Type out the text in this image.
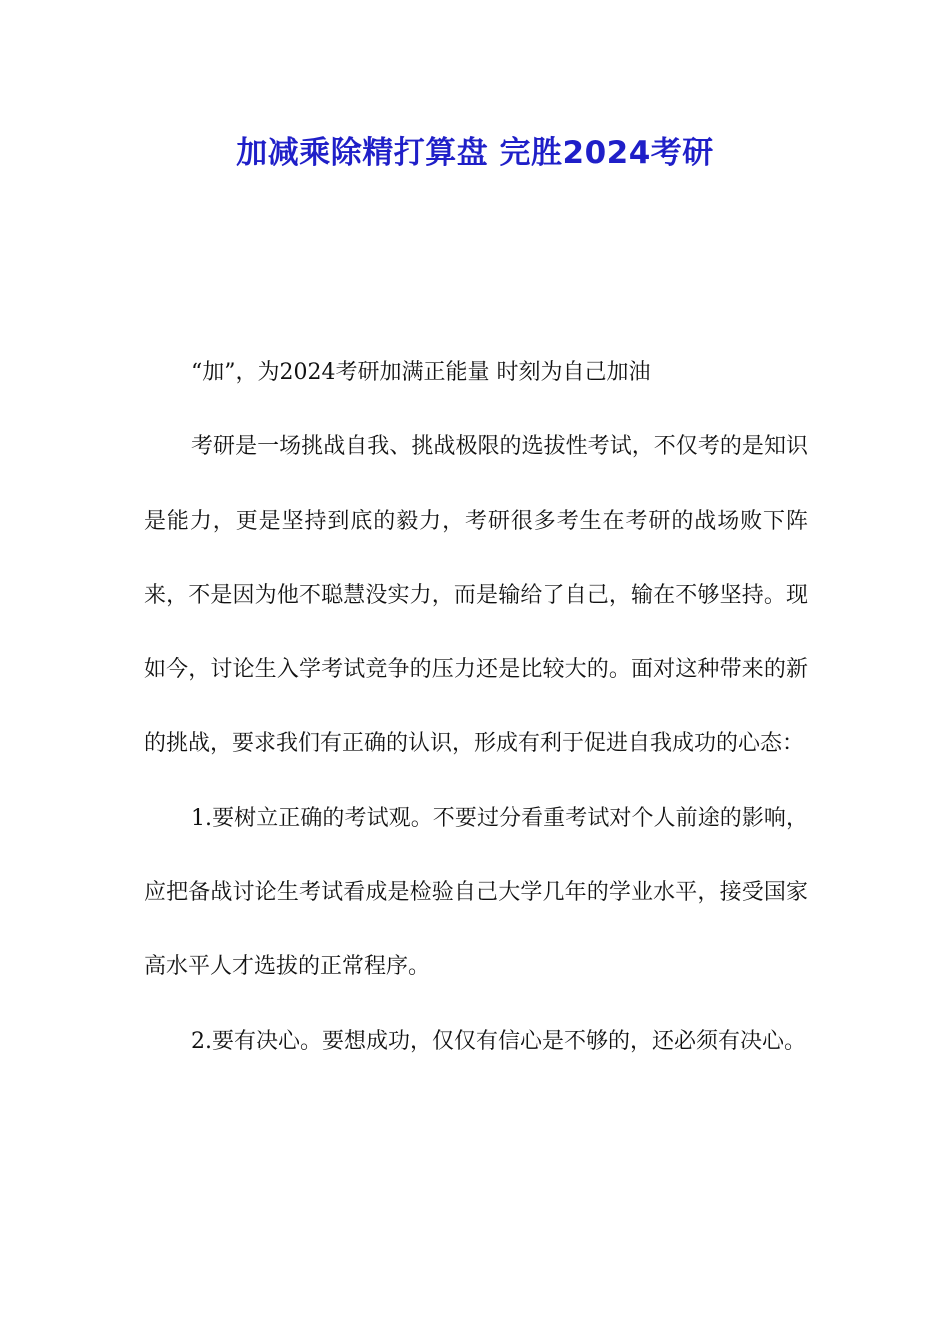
加减乘除精打算盘 完胜2024考研

“加”，为2024考研加满正能量 时刻为自己加油

考研是一场挑战自我、挑战极限的选拔性考试，不仅考的是知识是能力，更是坚持到底的毅力，考研很多考生在考研的战场败下阵来，不是因为他不聪慧没实力，而是输给了自己，输在不够坚持。现如今，讨论生入学考试竞争的压力还是比较大的。面对这种带来的新的挑战，要求我们有正确的认识，形成有利于促进自我成功的心态：

1.要树立正确的考试观。不要过分看重考试对个人前途的影响，应把备战讨论生考试看成是检验自己大学几年的学业水平，接受国家高水平人才选拔的正常程序。

2.要有决心。要想成功，仅仅有信心是不够的，还必须有决心。
